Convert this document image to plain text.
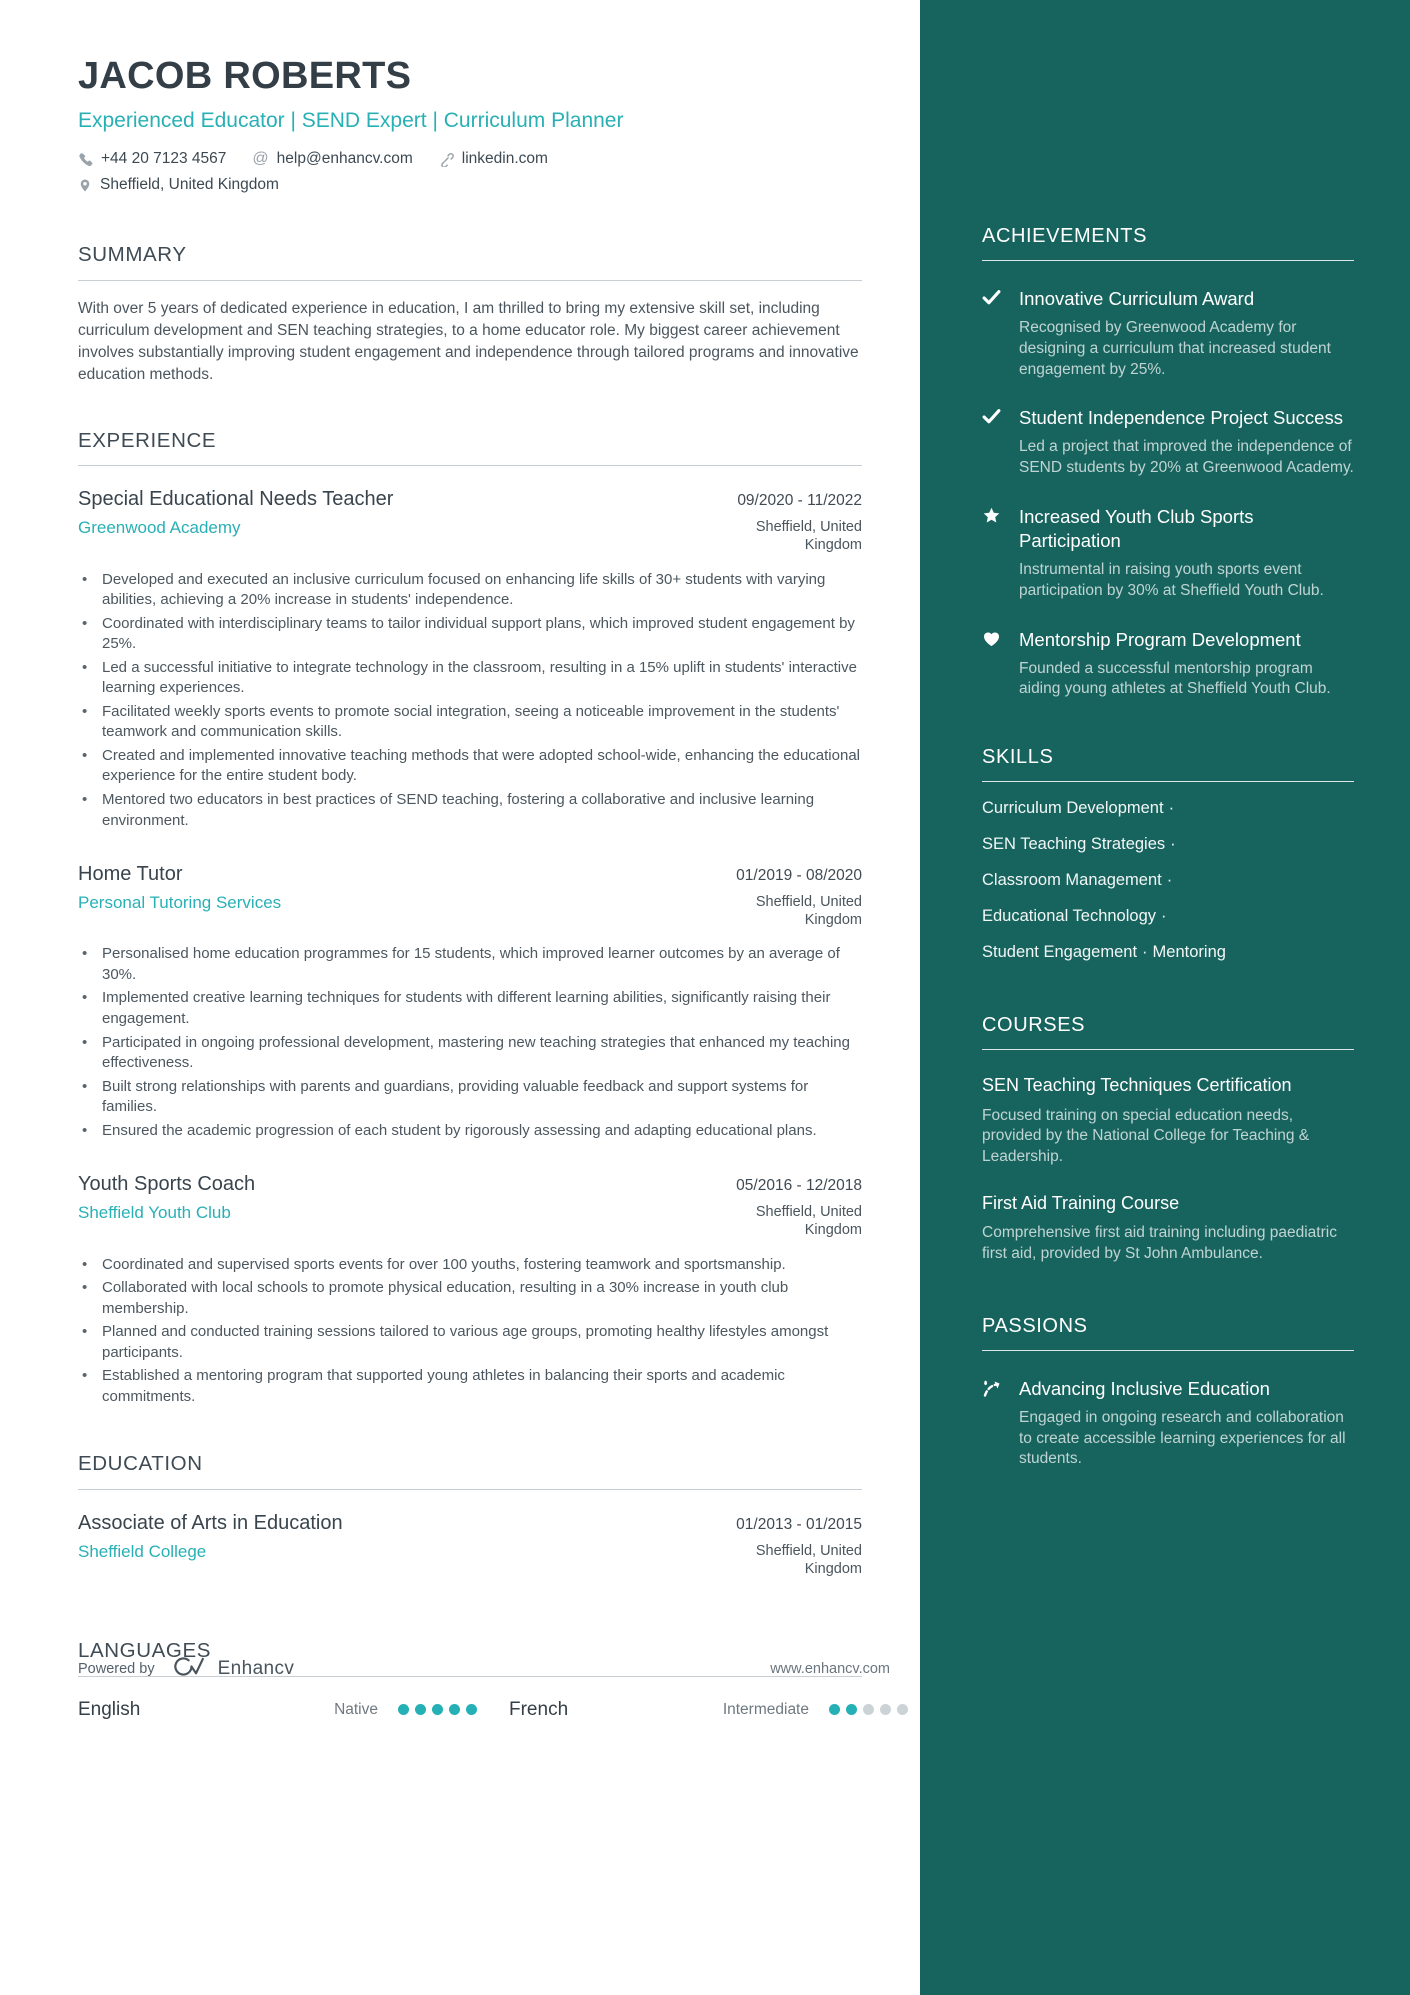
JACOB ROBERTS
Experienced Educator | SEND Expert | Curriculum Planner
+44 20 7123 4567 @ help@enhancv.com	linkedin.com
Sheffield, United Kingdom
SUMMARY

With over 5 years of dedicated experience in education, I am thrilled to bring my extensive skill set, including curriculum development and SEN teaching strategies, to a home educator role. My biggest career achievement involves substantially improving student engagement and independence through tailored programs and innovative education methods.

EXPERIENCE
Special Educational Needs Teacher	09/2020 - 11/2022
Greenwood Academy	Sheffield, United Kingdom
• Developed and executed an inclusive curriculum focused on enhancing life skills of 30+ students with varying abilities, achieving a 20% increase in students' independence.
• Coordinated with interdisciplinary teams to tailor individual support plans, which improved student engagement by 25%.
• Led a successful initiative to integrate technology in the classroom, resulting in a 15% uplift in students' interactive learning experiences.
• Facilitated weekly sports events to promote social integration, seeing a noticeable improvement in the students' teamwork and communication skills.
• Created and implemented innovative teaching methods that were adopted school-wide, enhancing the educational experience for the entire student body.
• Mentored two educators in best practices of SEND teaching, fostering a collaborative and inclusive learning environment.
Home Tutor	01/2019 - 08/2020
Personal Tutoring Services	Sheffield, United Kingdom
• Personalised home education programmes for 15 students, which improved learner outcomes by an average of 30%.
• Implemented creative learning techniques for students with different learning abilities, significantly raising their engagement.
• Participated in ongoing professional development, mastering new teaching strategies that enhanced my teaching effectiveness.
• Built strong relationships with parents and guardians, providing valuable feedback and support systems for families.
• Ensured the academic progression of each student by rigorously assessing and adapting educational plans.
Youth Sports Coach	05/2016 - 12/2018
Sheffield Youth Club	Sheffield, United Kingdom
• Coordinated and supervised sports events for over 100 youths, fostering teamwork and sportsmanship.
• Collaborated with local schools to promote physical education, resulting in a 30% increase in youth club membership.
• Planned and conducted training sessions tailored to various age groups, promoting healthy lifestyles amongst participants.
• Established a mentoring program that supported young athletes in balancing their sports and academic commitments.
EDUCATION
Associate of Arts in Education	01/2013 - 01/2015
Sheffield College	Sheffield, United Kingdom
LANGUAGES
English	Native	French	Intermediate
Powered by	Enhancv	www.enhancv.com
ACHIEVEMENTS
Innovative Curriculum Award
Recognised by Greenwood Academy for designing a curriculum that increased student engagement by 25%.
Student Independence Project Success
Led a project that improved the independence of SEND students by 20% at Greenwood Academy.
Increased Youth Club Sports Participation
Instrumental in raising youth sports event participation by 30% at Sheffield Youth Club.
Mentorship Program Development
Founded a successful mentorship program aiding young athletes at Sheffield Youth Club.
SKILLS
Curriculum Development ·
SEN Teaching Strategies ·
Classroom Management ·
Educational Technology ·
Student Engagement · Mentoring
COURSES
SEN Teaching Techniques Certification
Focused training on special education needs, provided by the National College for Teaching & Leadership.
First Aid Training Course
Comprehensive first aid training including paediatric first aid, provided by St John Ambulance.
PASSIONS
Advancing Inclusive Education
Engaged in ongoing research and collaboration to create accessible learning experiences for all students.
